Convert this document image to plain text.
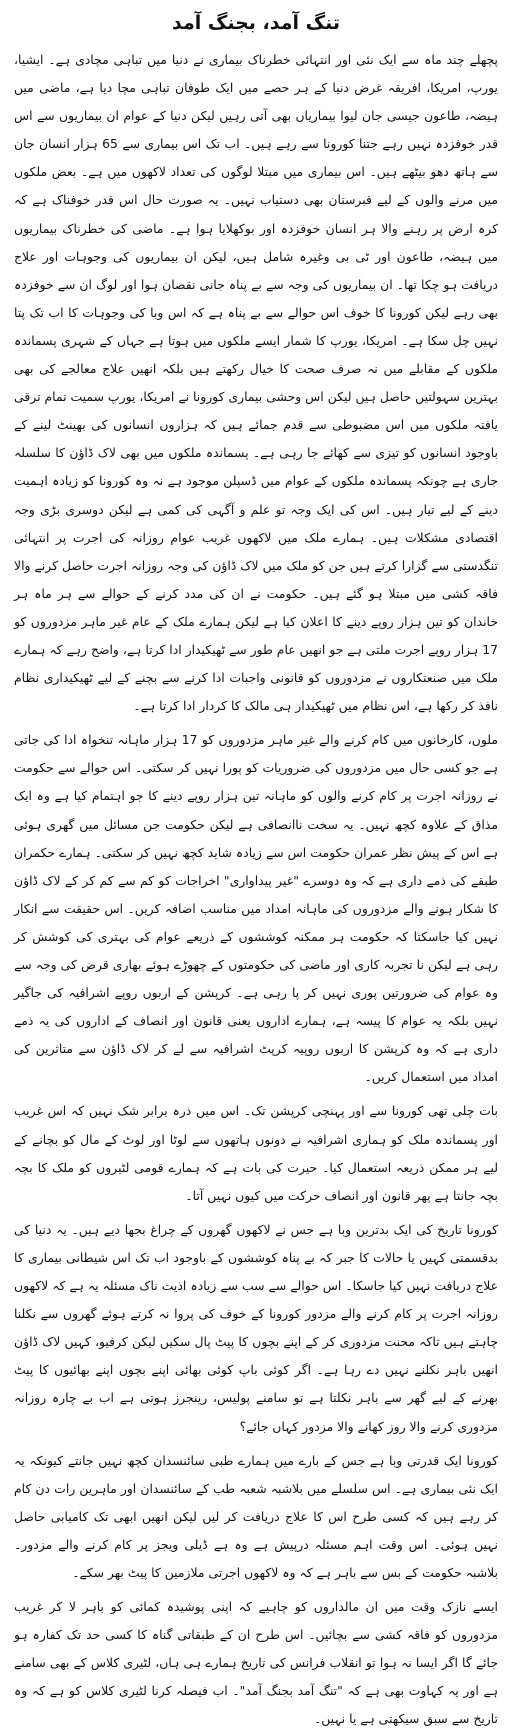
تنگ آمد، بجنگ آمد

پچھلے چند ماہ سے ایک نئی اور انتہائی خطرناک بیماری نے دنیا میں تباہی مچادی ہے۔ ایشیا، یورپ، امریکا، افریقہ غرض دنیا کے ہر حصے میں ایک طوفان تباہی مچا دیا ہے، ماضی میں ہیضہ، طاعون جیسی جان لیوا بیماریاں بھی آتی رہیں لیکن دنیا کے عوام ان بیماریوں سے اس قدر خوفزدہ نہیں رہے جتنا کورونا سے رہے ہیں۔ اب تک اس بیماری سے 65 ہزار انسان جان سے ہاتھ دھو بیٹھے ہیں۔ اس بیماری میں مبتلا لوگوں کی تعداد لاکھوں میں ہے۔ بعض ملکوں میں مرنے والوں کے لیے قبرستان بھی دستیاب نہیں۔ یہ صورت حال اس قدر خوفناک ہے کہ کرہ ارض پر رہنے والا ہر انسان خوفزدہ اور بوکھلایا ہوا ہے۔ ماضی کی خطرناک بیماریوں میں ہیضہ، طاعون اور ٹی بی وغیرہ شامل ہیں، لیکن ان بیماریوں کی وجوہات اور علاج دریافت ہو چکا تھا۔ ان بیماریوں کی وجہ سے بے پناہ جانی نقصان ہوا اور لوگ ان سے خوفزدہ بھی رہے لیکن کورونا کا خوف اس حوالے سے بے پناہ ہے کہ اس وبا کی وجوہات کا اب تک پتا نہیں چل سکا ہے۔ امریکا، یورپ کا شمار ایسے ملکوں میں ہوتا ہے جہاں کے شہری پسماندہ ملکوں کے مقابلے میں نہ صرف صحت کا خیال رکھتے ہیں بلکہ انھیں علاج معالجے کی بھی بہترین سہولتیں حاصل ہیں لیکن اس وحشی بیماری کورونا نے امریکا، یورپ سمیت تمام ترقی یافتہ ملکوں میں اس مضبوطی سے قدم جمائے ہیں کہ ہزاروں انسانوں کی بھینٹ لینے کے باوجود انسانوں کو تیزی سے کھائے جا رہی ہے۔ پسماندہ ملکوں میں بھی لاک ڈاؤن کا سلسلہ جاری ہے چونکہ پسماندہ ملکوں کے عوام میں ڈسپلن موجود ہے نہ وہ کورونا کو زیادہ اہمیت دینے کے لیے تیار ہیں۔ اس کی ایک وجہ تو علم و آگہی کی کمی ہے لیکن دوسری بڑی وجہ اقتصادی مشکلات ہیں۔ ہمارے ملک میں لاکھوں غریب عوام روزانہ کی اجرت پر انتہائی تنگدستی سے گزارا کرتے ہیں جن کو ملک میں لاک ڈاؤن کی وجہ روزانہ اجرت حاصل کرنے والا فاقہ کشی میں مبتلا ہو گئے ہیں۔ حکومت نے ان کی مدد کرنے کے حوالے سے ہر ماہ ہر خاندان کو تین ہزار روپے دینے کا اعلان کیا ہے لیکن ہمارے ملک کے عام غیر ماہر مزدوروں کو 17 ہزار روپے اجرت ملتی ہے جو انھیں عام طور سے ٹھیکیدار ادا کرتا ہے، واضح رہے کہ ہمارے ملک میں صنعتکاروں نے مزدوروں کو قانونی واجبات ادا کرنے سے بچنے کے لیے ٹھیکیداری نظام نافذ کر رکھا ہے، اس نظام میں ٹھیکیدار ہی مالک کا کردار ادا کرتا ہے۔

ملوں، کارخانوں میں کام کرنے والے غیر ماہر مزدوروں کو 17 ہزار ماہانہ تنخواہ ادا کی جاتی ہے جو کسی حال میں مزدوروں کی ضروریات کو پورا نہیں کر سکتی۔ اس حوالے سے حکومت نے روزانہ اجرت پر کام کرنے والوں کو ماہانہ تین ہزار روپے دینے کا جو اہتمام کیا ہے وہ ایک مذاق کے علاوہ کچھ نہیں۔ یہ سخت ناانصافی ہے لیکن حکومت جن مسائل میں گھری ہوئی ہے اس کے پیش نظر عمران حکومت اس سے زیادہ شاید کچھ نہیں کر سکتی۔ ہمارے حکمران طبقے کی ذمے داری ہے کہ وہ دوسرے "غیر پیداواری" اخراجات کو کم سے کم کر کے لاک ڈاؤن کا شکار ہونے والے مزدوروں کی ماہانہ امداد میں مناسب اضافہ کریں۔ اس حقیقت سے انکار نہیں کیا جاسکتا کہ حکومت ہر ممکنہ کوششوں کے ذریعے عوام کی بہتری کی کوشش کر رہی ہے لیکن نا تجربہ کاری اور ماضی کی حکومتوں کے چھوڑے ہوئے بھاری قرض کی وجہ سے وہ عوام کی ضرورتیں پوری نہیں کر پا رہی ہے۔ کرپشن کے اربوں روپے اشرافیہ کی جاگیر نہیں بلکہ یہ عوام کا پیسہ ہے، ہمارے اداروں یعنی قانون اور انصاف کے اداروں کی یہ ذمے داری ہے کہ وہ کرپشن کا اربوں روپیہ کرپٹ اشرافیہ سے لے کر لاک ڈاؤن سے متاثرین کی امداد میں استعمال کریں۔

بات چلی تھی کورونا سے اور پہنچی کرپشن تک۔ اس میں ذرہ برابر شک نہیں کہ اس غریب اور پسماندہ ملک کو ہماری اشرافیہ نے دونوں ہاتھوں سے لوٹا اور لوٹ کے مال کو بچانے کے لیے ہر ممکن ذریعہ استعمال کیا۔ حیرت کی بات ہے کہ ہمارے قومی لٹیروں کو ملک کا بچہ بچہ جانتا ہے پھر قانون اور انصاف حرکت میں کیوں نہیں آتا۔

کورونا تاریخ کی ایک بدترین وبا ہے جس نے لاکھوں گھروں کے چراغ بجھا دیے ہیں۔ یہ دنیا کی بدقسمتی کہیں یا حالات کا جبر کہ بے پناہ کوششوں کے باوجود اب تک اس شیطانی بیماری کا علاج دریافت نہیں کیا جاسکا۔ اس حوالے سے سب سے زیادہ اذیت ناک مسئلہ یہ ہے کہ لاکھوں روزانہ اجرت پر کام کرنے والے مزدور کورونا کے خوف کی پروا نہ کرتے ہوئے گھروں سے نکلنا چاہتے ہیں تاکہ محنت مزدوری کر کے اپنے بچوں کا پیٹ پال سکیں لیکن کرفیو، کہیں لاک ڈاؤن انھیں باہر نکلنے نہیں دے رہا ہے۔ اگر کوئی باپ کوئی بھائی اپنے بچوں اپنے بھائیوں کا پیٹ بھرنے کے لیے گھر سے باہر نکلتا ہے تو سامنے پولیس، رینجرز ہوتی ہے اب بے چارہ روزانہ مزدوری کرنے والا روز کھانے والا مزدور کہاں جائے؟

کورونا ایک قدرتی وبا ہے جس کے بارے میں ہمارے طبی سائنسدان کچھ نہیں جانتے کیونکہ یہ ایک نئی بیماری ہے۔ اس سلسلے میں بلاشبہ شعبہ طب کے سائنسدان اور ماہرین رات دن کام کر رہے ہیں کہ کسی طرح اس کا علاج دریافت کر لیں لیکن انھیں ابھی تک کامیابی حاصل نہیں ہوئی۔ اس وقت اہم مسئلہ درپیش ہے وہ ہے ڈیلی ویجز پر کام کرنے والے مزدور۔ بلاشبہ حکومت کے بس سے باہر ہے کہ وہ لاکھوں اجرتی ملازمین کا پیٹ بھر سکے۔

ایسے نازک وقت میں ان مالداروں کو چاہیے کہ اپنی پوشیدہ کمائی کو باہر لا کر غریب مزدوروں کو فاقہ کشی سے بچائیں۔ اس طرح ان کے طبقاتی گناہ کا کسی حد تک کفارہ ہو جائے گا اگر ایسا نہ ہوا تو انقلاب فرانس کی تاریخ ہمارے ہی ہاں، لٹیری کلاس کے بھی سامنے ہے اور یہ کہاوت بھی ہے کہ "تنگ آمد بجنگ آمد"۔ اب فیصلہ کرنا لٹیری کلاس کو ہے کہ وہ تاریخ سے سبق سیکھتی ہے یا نہیں۔
